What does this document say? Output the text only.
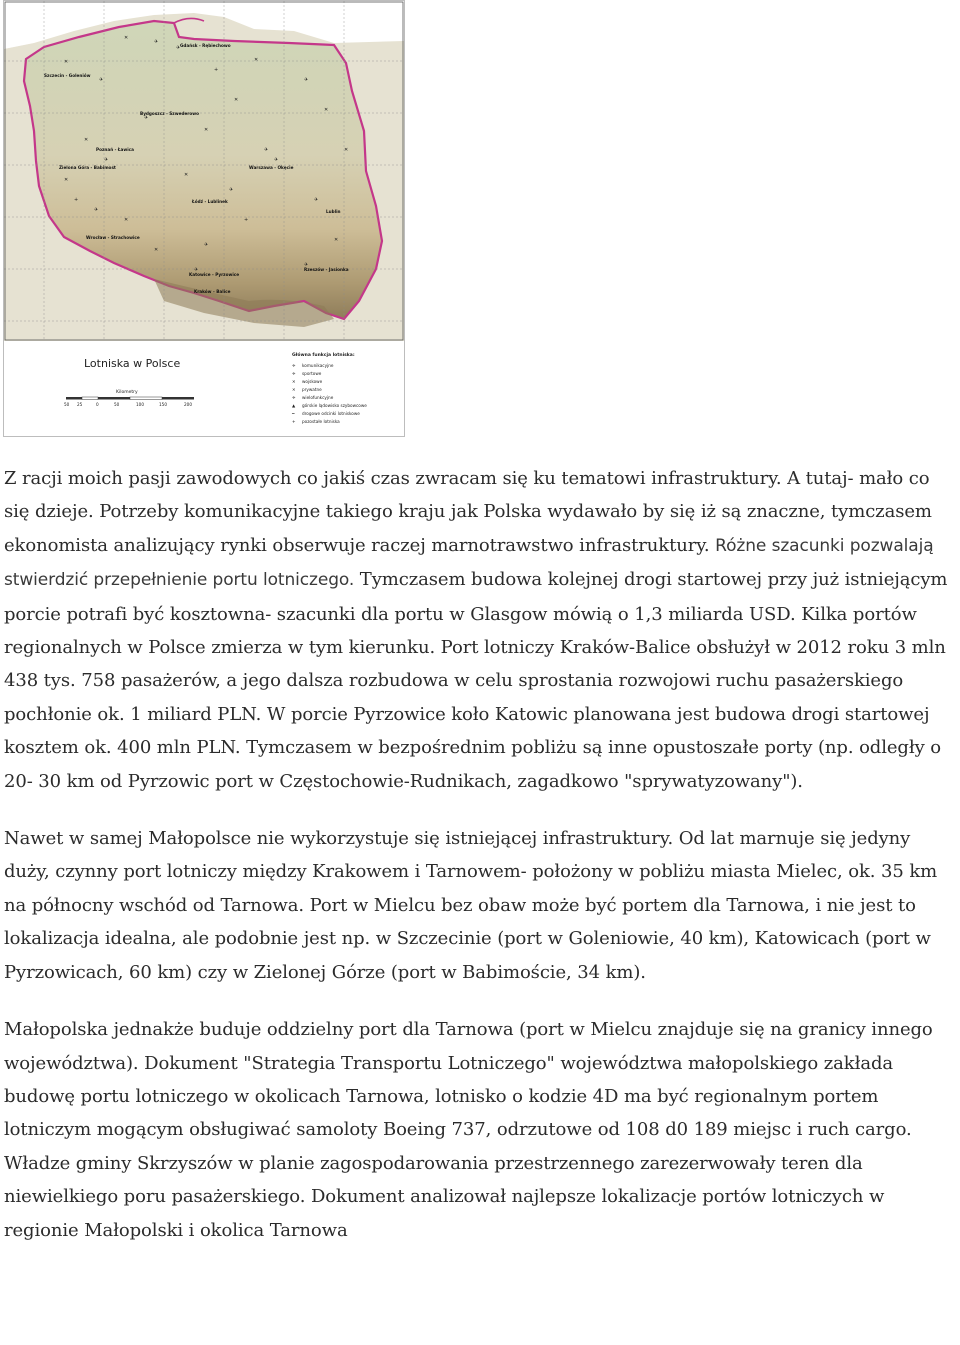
✈
✈
✕
✕
✈
+
✕
✈
✕
✈
✕
✈
✈
✕
✈
✕
✕
✈
✈
✈
✕
✈
✈
✈
✕
+
✕
+
✕
✕
Gdańsk - Rębiechowo
Bydgoszcz - Szwederowo
Poznań - Ławica
Szczecin - Goleniów
Zielona Góra - Babimost	Warszawa - Okęcie
Łódź - Lublinek
Wrocław - Strachowice
Katowice - Pyrzowice
Kraków - Balice
Rzeszów - Jasionka
Lublin
Lotniska w Polsce
Kilometry
50 25	0	50	100	150	200
Główna funkcja lotniska:
✈ komunikacyjne
✈ sportowe
✕ wojskowe
✕ prywatne
✈ wielofunkcyjne
▲ górskie lądowisko szybowcowe
═ drogowe odcinki lotniskowe
+ pozostałe lotniska

Z racji moich pasji zawodowych co jakiś czas zwracam się ku tematowi infrastruktury. A tutaj- mało co się dzieje. Potrzeby komunikacyjne takiego kraju jak Polska wydawało by się iż są znaczne, tymczasem ekonomista analizujący rynki obserwuje raczej marnotrawstwo infrastruktury. Różne szacunki pozwalają stwierdzić przepełnienie portu lotniczego. Tymczasem budowa kolejnej drogi startowej przy już istniejącym porcie potrafi być kosztowna- szacunki dla portu w Glasgow mówią o 1,3 miliarda USD. Kilka portów regionalnych w Polsce zmierza w tym kierunku. Port lotniczy Kraków-Balice obsłużył w 2012 roku 3 mln 438 tys. 758 pasażerów, a jego dalsza rozbudowa w celu sprostania rozwojowi ruchu pasażerskiego pochłonie ok. 1 miliard PLN. W porcie Pyrzowice koło Katowic planowana jest budowa drogi startowej kosztem ok. 400 mln PLN. Tymczasem w bezpośrednim pobliżu są inne opustoszałe porty (np. odległy o 20- 30 km od Pyrzowic port w Częstochowie-Rudnikach, zagadkowo "sprywatyzowany").

Nawet w samej Małopolsce nie wykorzystuje się istniejącej infrastruktury. Od lat marnuje się jedyny duży, czynny port lotniczy między Krakowem i Tarnowem- położony w pobliżu miasta Mielec, ok. 35 km na północny wschód od Tarnowa. Port w Mielcu bez obaw może być portem dla Tarnowa, i nie jest to lokalizacja idealna, ale podobnie jest np. w Szczecinie (port w Goleniowie, 40 km), Katowicach (port w Pyrzowicach, 60 km) czy w Zielonej Górze (port w Babimoście, 34 km).

Małopolska jednakże buduje oddzielny port dla Tarnowa (port w Mielcu znajduje się na granicy innego województwa). Dokument "Strategia Transportu Lotniczego" województwa małopolskiego zakłada budowę portu lotniczego w okolicach Tarnowa, lotnisko o kodzie 4D ma być regionalnym portem lotniczym mogącym obsługiwać samoloty Boeing 737, odrzutowe od 108 d0 189 miejsc i ruch cargo. Władze gminy Skrzyszów w planie zagospodarowania przestrzennego zarezerwowały teren dla niewielkiego poru pasażerskiego. Dokument analizował najlepsze lokalizacje portów lotniczych w regionie Małopolski i okolica Tarnowa
